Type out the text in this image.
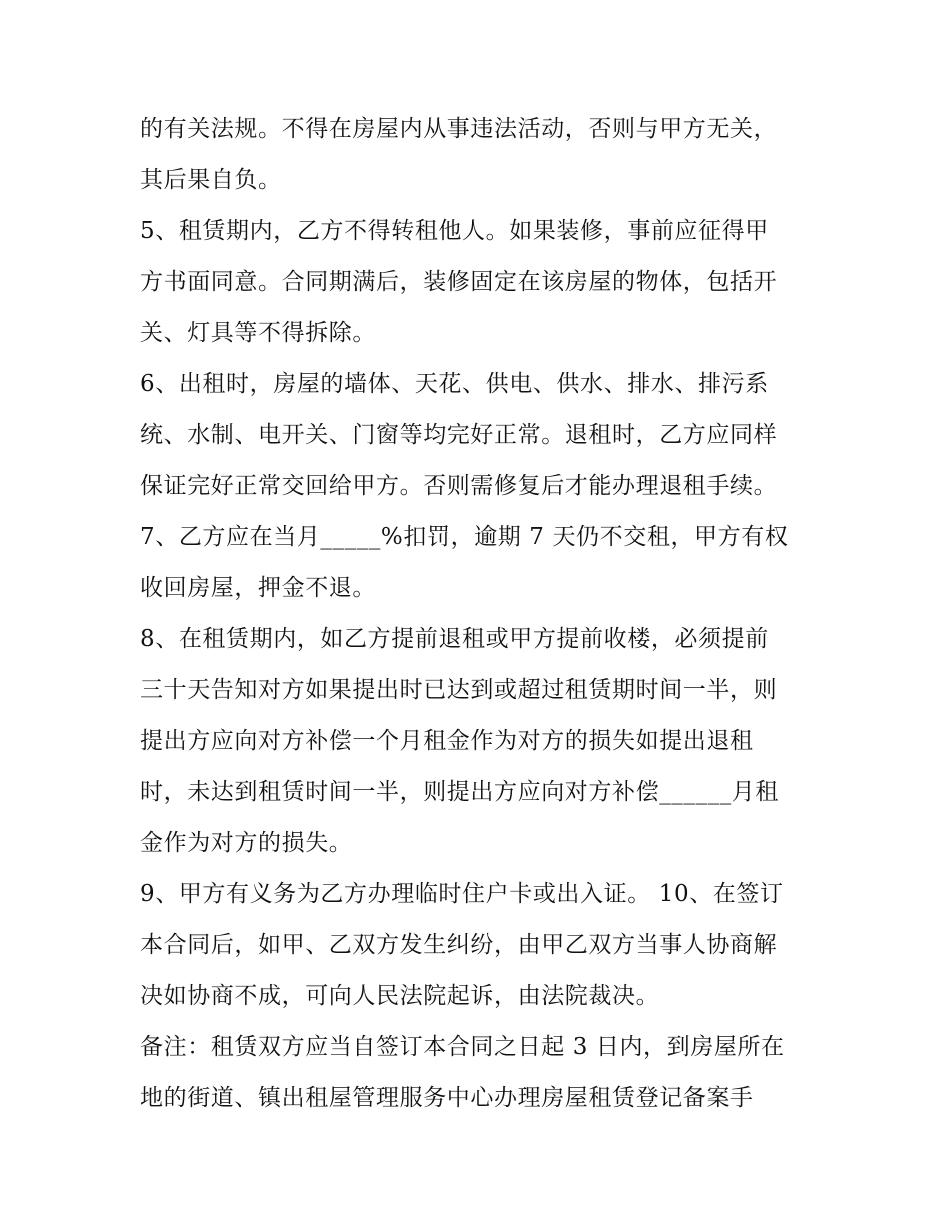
的有关法规。不得在房屋内从事违法活动，否则与甲方无关，
其后果自负。
5、租赁期内，乙方不得转租他人。如果装修，事前应征得甲
方书面同意。合同期满后，装修固定在该房屋的物体，包括开
关、灯具等不得拆除。
6、出租时，房屋的墙体、天花、供电、供水、排水、排污系
统、水制、电开关、门窗等均完好正常。退租时，乙方应同样
保证完好正常交回给甲方。否则需修复后才能办理退租手续。
7、乙方应在当月_____%扣罚，逾期 7 天仍不交租，甲方有权
收回房屋，押金不退。
8、在租赁期内，如乙方提前退租或甲方提前收楼，必须提前
三十天告知对方如果提出时已达到或超过租赁期时间一半，则
提出方应向对方补偿一个月租金作为对方的损失如提出退租
时，未达到租赁时间一半，则提出方应向对方补偿______月租
金作为对方的损失。
9、甲方有义务为乙方办理临时住户卡或出入证。 10、在签订
本合同后，如甲、乙双方发生纠纷，由甲乙双方当事人协商解
决如协商不成，可向人民法院起诉，由法院裁决。
备注：租赁双方应当自签订本合同之日起 3 日内，到房屋所在
地的街道、镇出租屋管理服务中心办理房屋租赁登记备案手
